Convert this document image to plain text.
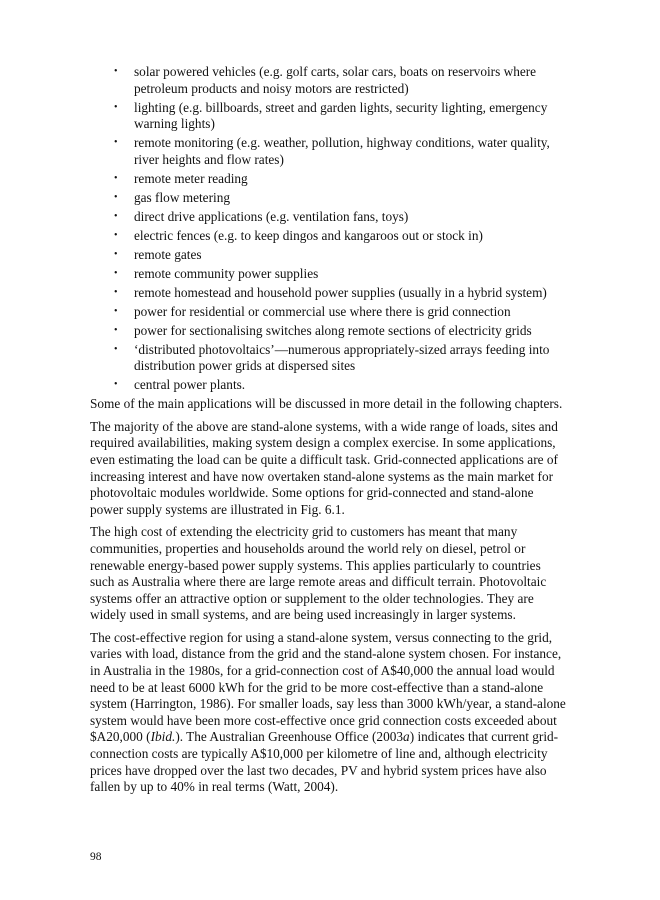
• solar powered vehicles (e.g. golf carts, solar cars, boats on reservoirs where petroleum products and noisy motors are restricted)
• lighting (e.g. billboards, street and garden lights, security lighting, emergency warning lights)
• remote monitoring (e.g. weather, pollution, highway conditions, water quality, river heights and flow rates)
• remote meter reading
• gas flow metering
• direct drive applications (e.g. ventilation fans, toys)
• electric fences (e.g. to keep dingos and kangaroos out or stock in)
• remote gates
• remote community power supplies
• remote homestead and household power supplies (usually in a hybrid system)
• power for residential or commercial use where there is grid connection
• power for sectionalising switches along remote sections of electricity grids
• ‘distributed photovoltaics’—numerous appropriately-sized arrays feeding into distribution power grids at dispersed sites
• central power plants.

Some of the main applications will be discussed in more detail in the following chapters.

The majority of the above are stand-alone systems, with a wide range of loads, sites and required availabilities, making system design a complex exercise. In some applications, even estimating the load can be quite a difficult task. Grid-connected applications are of increasing interest and have now overtaken stand-alone systems as the main market for photovoltaic modules worldwide. Some options for grid-connected and stand-alone power supply systems are illustrated in Fig. 6.1.

The high cost of extending the electricity grid to customers has meant that many communities, properties and households around the world rely on diesel, petrol or renewable energy-based power supply systems. This applies particularly to countries such as Australia where there are large remote areas and difficult terrain. Photovoltaic systems offer an attractive option or supplement to the older technologies. They are widely used in small systems, and are being used increasingly in larger systems.

The cost-effective region for using a stand-alone system, versus connecting to the grid, varies with load, distance from the grid and the stand-alone system chosen. For instance, in Australia in the 1980s, for a grid-connection cost of A$40,000 the annual load would need to be at least 6000 kWh for the grid to be more cost-effective than a stand-alone system (Harrington, 1986). For smaller loads, say less than 3000 kWh/year, a stand-alone system would have been more cost-effective once grid connection costs exceeded about $A20,000 (Ibid.). The Australian Greenhouse Office (2003a) indicates that current grid-connection costs are typically A$10,000 per kilometre of line and, although electricity prices have dropped over the last two decades, PV and hybrid system prices have also fallen by up to 40% in real terms (Watt, 2004).

98
